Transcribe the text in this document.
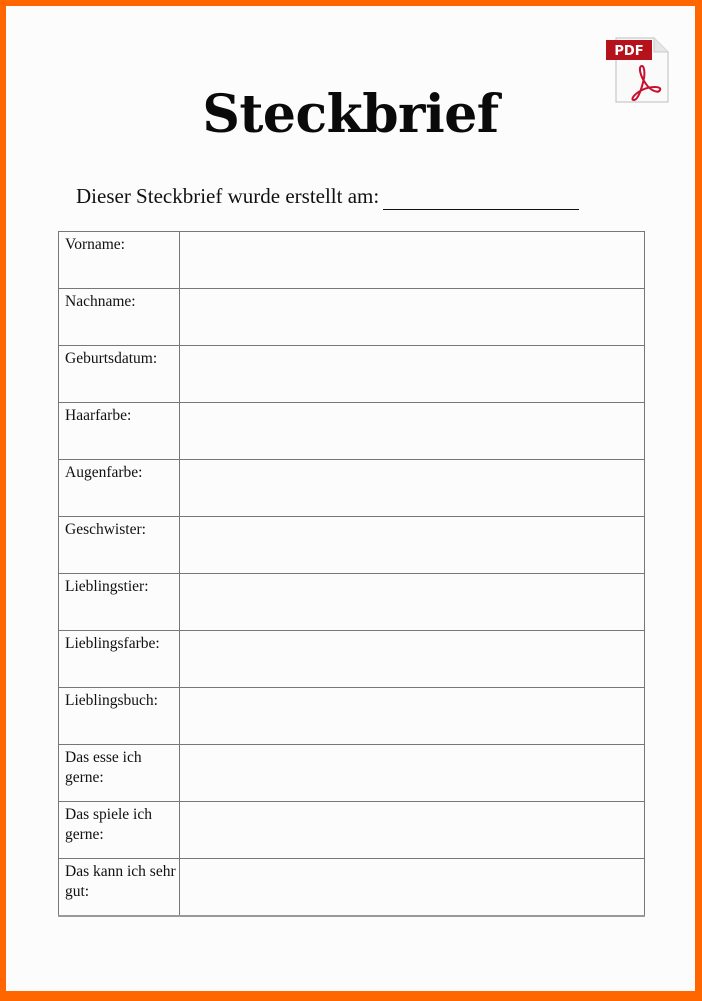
PDF
Steckbrief
Dieser Steckbrief wurde erstellt am:
Vorname:	
Nachname:	
Geburtsdatum:	
Haarfarbe:	
Augenfarbe:	
Geschwister:	
Lieblingstier:	
Lieblingsfarbe:	
Lieblingsbuch:	
Das esse ich gerne:	
Das spiele ich gerne:	
Das kann ich sehr gut:	
